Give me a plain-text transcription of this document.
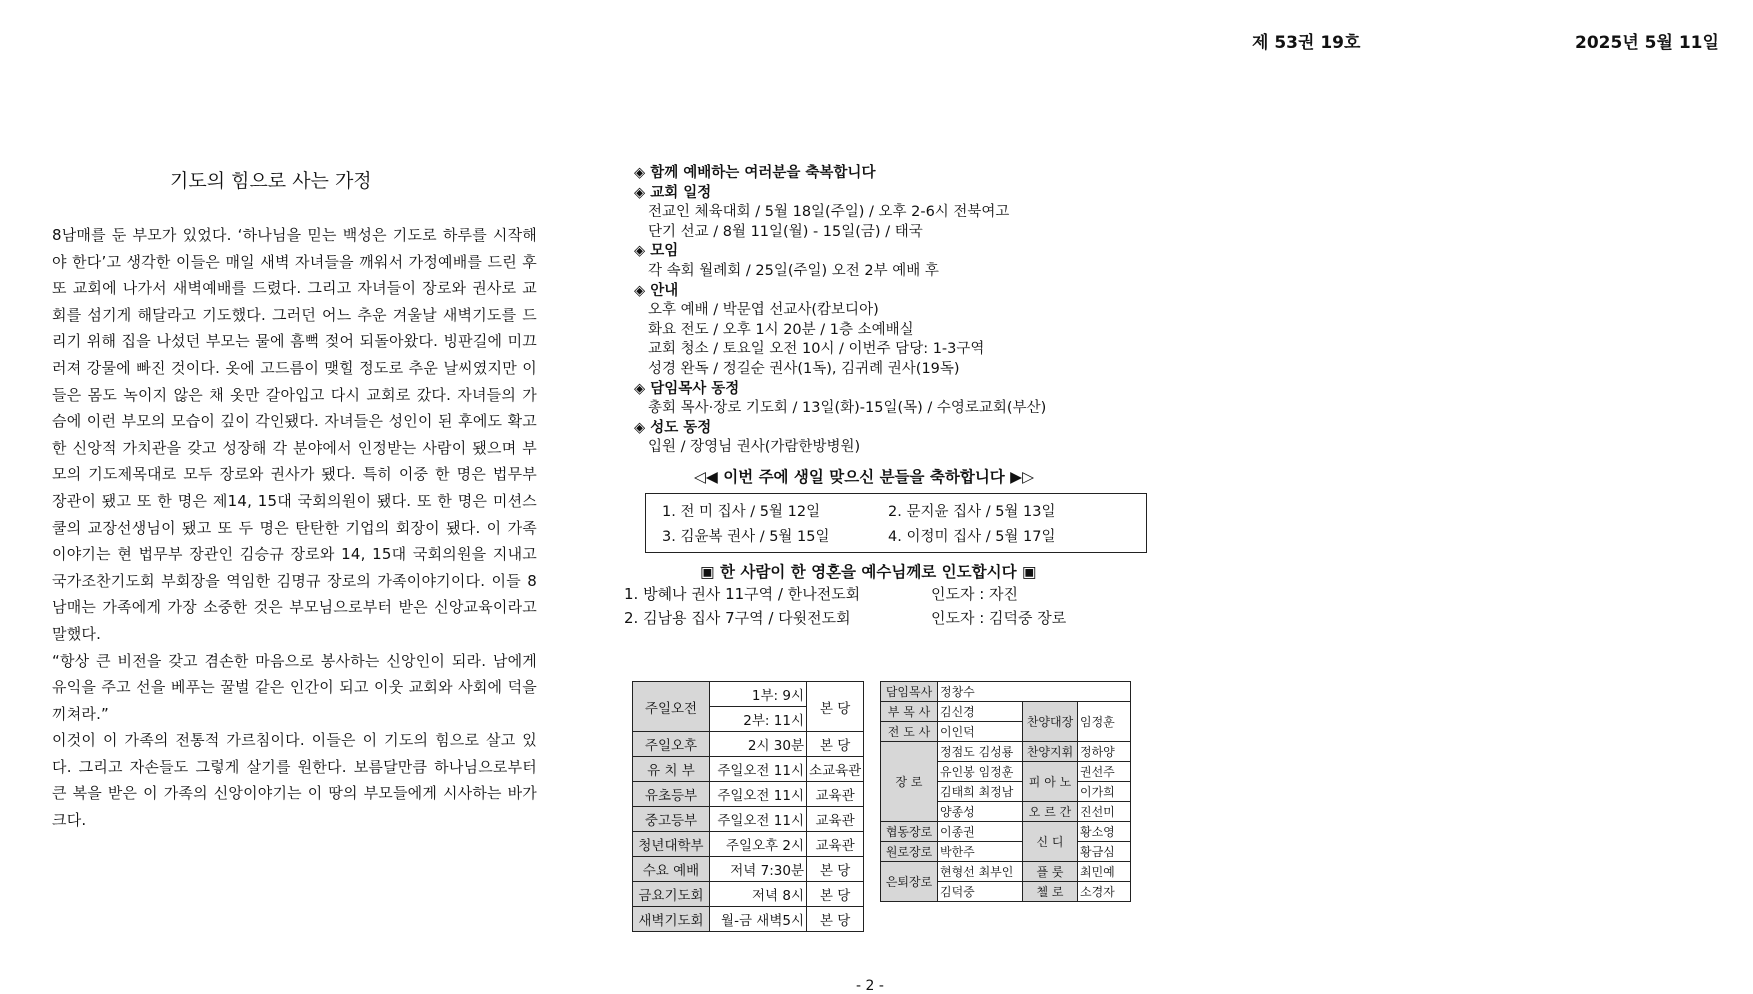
제 53권 19호	2025년 5월 11일
기도의 힘으로 사는 가정

8남매를 둔 부모가 있었다. ‘하나님을 믿는 백성은 기도로 하루를 시작해야 한다’고 생각한 이들은 매일 새벽 자녀들을 깨워서 가정예배를 드린 후 또 교회에 나가서 새벽예배를 드렸다. 그리고 자녀들이 장로와 권사로 교회를 섬기게 해달라고 기도했다. 그러던 어느 추운 겨울날 새벽기도를 드리기 위해 집을 나섰던 부모는 물에 흠뻑 젖어 되돌아왔다. 빙판길에 미끄러져 강물에 빠진 것이다. 옷에 고드름이 맺힐 정도로 추운 날씨였지만 이들은 몸도 녹이지 않은 채 옷만 갈아입고 다시 교회로 갔다. 자녀들의 가슴에 이런 부모의 모습이 깊이 각인됐다. 자녀들은 성인이 된 후에도 확고한 신앙적 가치관을 갖고 성장해 각 분야에서 인정받는 사람이 됐으며 부모의 기도제목대로 모두 장로와 권사가 됐다. 특히 이중 한 명은 법무부 장관이 됐고 또 한 명은 제14, 15대 국회의원이 됐다. 또 한 명은 미션스쿨의 교장선생님이 됐고 또 두 명은 탄탄한 기업의 회장이 됐다. 이 가족이야기는 현 법무부 장관인 김승규 장로와 14, 15대 국회의원을 지내고 국가조찬기도회 부회장을 역임한 김명규 장로의 가족이야기이다. 이들 8남매는 가족에게 가장 소중한 것은 부모님으로부터 받은 신앙교육이라고 말했다.

“항상 큰 비전을 갖고 겸손한 마음으로 봉사하는 신앙인이 되라. 남에게 유익을 주고 선을 베푸는 꿀벌 같은 인간이 되고 이웃 교회와 사회에 덕을 끼쳐라.”

이것이 이 가족의 전통적 가르침이다. 이들은 이 기도의 힘으로 살고 있다. 그리고 자손들도 그렇게 살기를 원한다. 보름달만큼 하나님으로부터 큰 복을 받은 이 가족의 신앙이야기는 이 땅의 부모들에게 시사하는 바가 크다.

◈ 함께 예배하는 여러분을 축복합니다
◈ 교회 일정
전교인 체육대회 / 5월 18일(주일) / 오후 2-6시 전북여고
단기 선교 / 8월 11일(월) - 15일(금) / 태국
◈ 모임
각 속회 월례회 / 25일(주일) 오전 2부 예배 후
◈ 안내
오후 예배 / 박문엽 선교사(캄보디아)
화요 전도 / 오후 1시 20분 / 1층 소예배실
교회 청소 / 토요일 오전 10시 / 이번주 담당: 1-3구역
성경 완독 / 정길순 권사(1독), 김귀례 권사(19독)
◈ 담임목사 동정
총회 목사·장로 기도회 / 13일(화)-15일(목) / 수영로교회(부산)
◈ 성도 동정
입원 / 장영님 권사(가람한방병원)
◁◀ 이번 주에 생일 맞으신 분들을 축하합니다 ▶▷
1. 전 미 집사 / 5월 12일	2. 문지윤 집사 / 5월 13일
3. 김윤복 권사 / 5월 15일	4. 이정미 집사 / 5월 17일
▣ 한 사람이 한 영혼을 예수님께로 인도합시다 ▣
1. 방혜나 권사 11구역 / 한나전도회	인도자 : 자진
2. 김남용 집사 7구역 / 다윗전도회	인도자 : 김덕중 장로
주일오전	1부: 9시	본 당
	2부: 11시	
주일오후	2시 30분	본 당
유 치 부	주일오전 11시	소교육관
유초등부	주일오전 11시	교육관
중고등부	주일오전 11시	교육관
청년대학부	주일오후 2시	교육관
수요 예배	저녁 7:30분	본 당
금요기도회	저녁 8시	본 당
새벽기도회	월-금 새벽5시	본 당
담임목사	정창수		
부 목 사	김신경	찬양대장	임정훈
전 도 사	이인덕		
장 로	정점도 김성룡	찬양지휘	정하양
	유인봉 임정훈	피 아 노	권선주
	김태희 최정남		이가희
	양종성	오 르 간	진선미
협동장로	이종권	신 디	황소영
원로장로	박한주		황금심
은퇴장로	현형선 최부인	플 룻	최민예
	김덕중	첼 로	소경자
- 2 -
